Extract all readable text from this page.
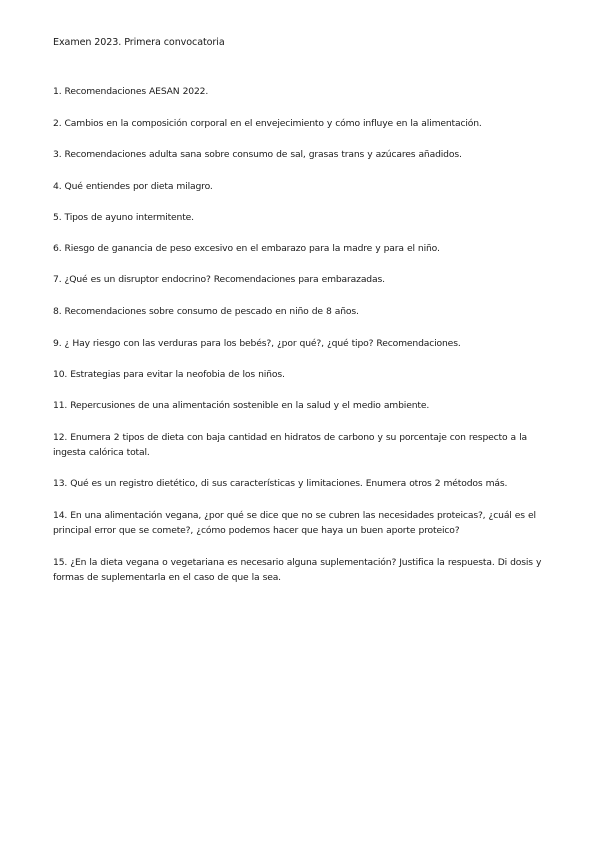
Examen 2023. Primera convocatoria
1. Recomendaciones AESAN 2022.
2. Cambios en la composición corporal en el envejecimiento y cómo influye en la alimentación.
3. Recomendaciones adulta sana sobre consumo de sal, grasas trans y azúcares añadidos.
4. Qué entiendes por dieta milagro.
5. Tipos de ayuno intermitente.
6. Riesgo de ganancia de peso excesivo en el embarazo para la madre y para el niño.
7. ¿Qué es un disruptor endocrino? Recomendaciones para embarazadas.
8. Recomendaciones sobre consumo de pescado en niño de 8 años.
9. ¿ Hay riesgo con las verduras para los bebés?, ¿por qué?, ¿qué tipo? Recomendaciones.
10. Estrategias para evitar la neofobia de los niños.
11. Repercusiones de una alimentación sostenible en la salud y el medio ambiente.
12. Enumera 2 tipos de dieta con baja cantidad en hidratos de carbono y su porcentaje con respecto a la ingesta calórica total.
13. Qué es un registro dietético, di sus características y limitaciones. Enumera otros 2 métodos más.
14. En una alimentación vegana, ¿por qué se dice que no se cubren las necesidades proteicas?, ¿cuál es el principal error que se comete?, ¿cómo podemos hacer que haya un buen aporte proteico?
15. ¿En la dieta vegana o vegetariana es necesario alguna suplementación? Justifica la respuesta. Di dosis y formas de suplementarla en el caso de que la sea.
